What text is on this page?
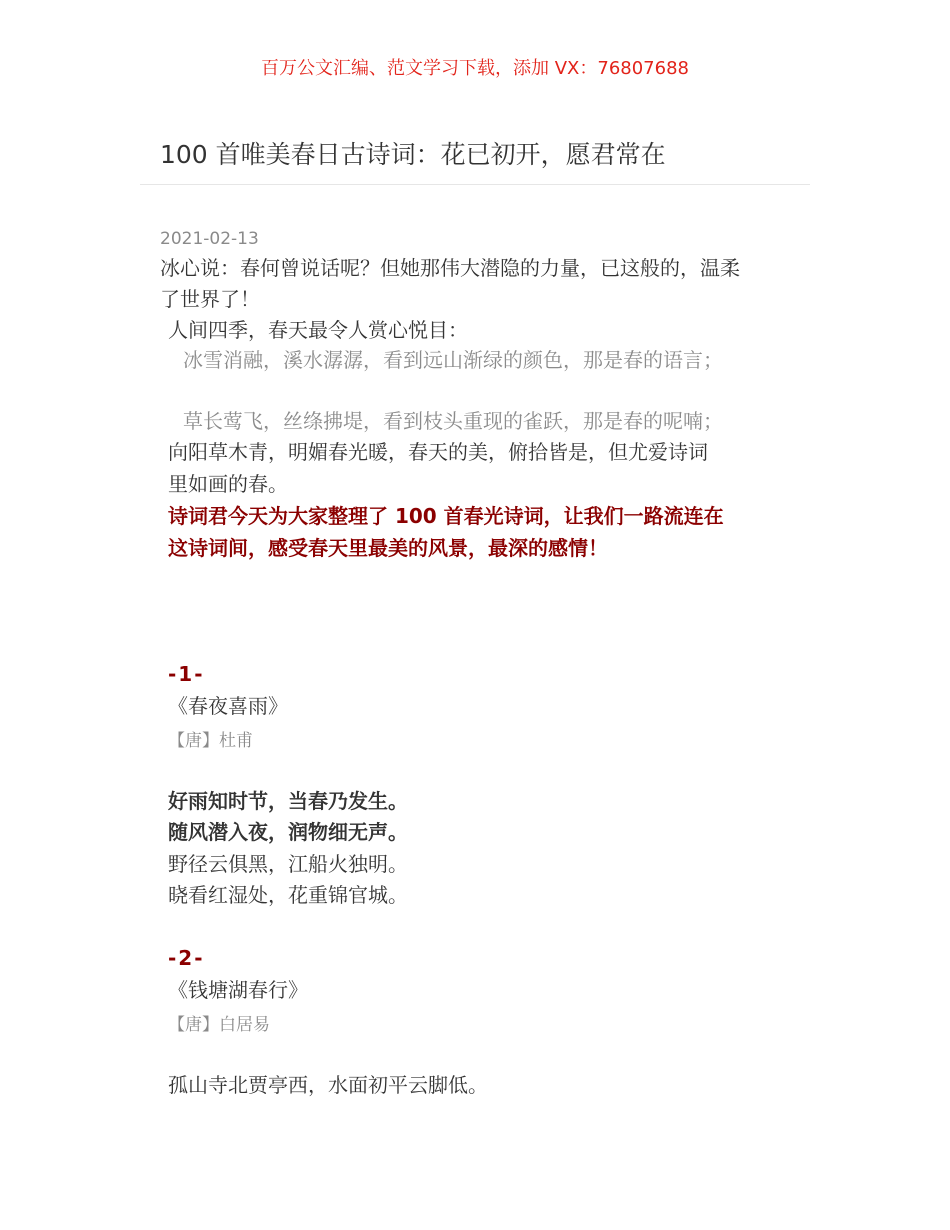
百万公文汇编、范文学习下载，添加 VX：76807688
100 首唯美春日古诗词：花已初开，愿君常在
2021-02-13
冰心说：春何曾说话呢？但她那伟大潜隐的力量，已这般的，温柔
了世界了！
人间四季，春天最令人赏心悦目：
冰雪消融，溪水潺潺，看到远山渐绿的颜色，那是春的语言；
草长莺飞，丝绦拂堤，看到枝头重现的雀跃，那是春的呢喃；
向阳草木青，明媚春光暖，春天的美，俯拾皆是，但尤爱诗词
里如画的春。
诗词君今天为大家整理了 100 首春光诗词，让我们一路流连在
这诗词间，感受春天里最美的风景，最深的感情！
-1-
《春夜喜雨》
【唐】杜甫
好雨知时节，当春乃发生。
随风潜入夜，润物细无声。
野径云俱黑，江船火独明。
晓看红湿处，花重锦官城。
-2-
《钱塘湖春行》
【唐】白居易
孤山寺北贾亭西，水面初平云脚低。
